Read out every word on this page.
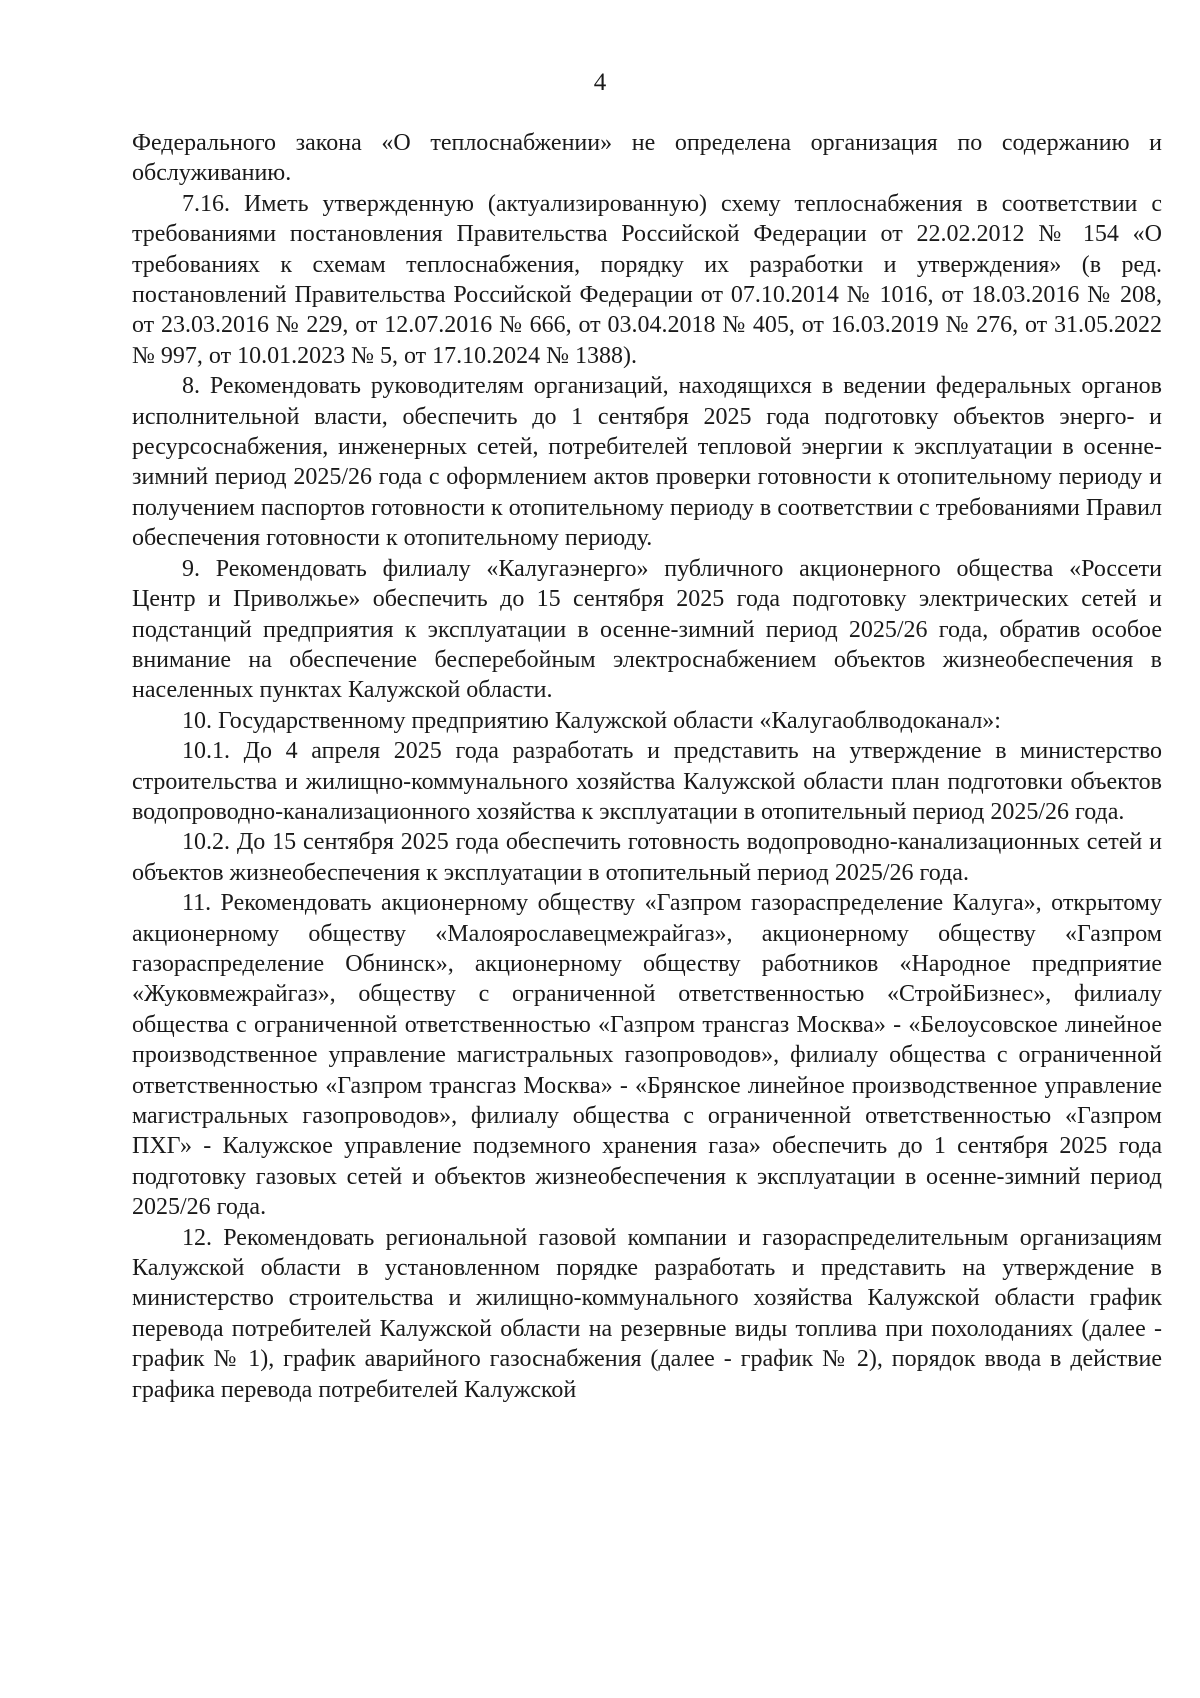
4

Федерального закона «О теплоснабжении» не определена организация по содержанию и обслуживанию.

7.16. Иметь утвержденную (актуализированную) схему теплоснабжения в соответствии с требованиями постановления Правительства Российской Федерации от 22.02.2012 № 154 «О требованиях к схемам теплоснабжения, порядку их разработки и утверждения» (в ред. постановлений Правительства Российской Федерации от 07.10.2014 № 1016, от 18.03.2016 № 208, от 23.03.2016 № 229, от 12.07.2016 № 666, от 03.04.2018 № 405, от 16.03.2019 № 276, от 31.05.2022 № 997, от 10.01.2023 № 5, от 17.10.2024 № 1388).

8. Рекомендовать руководителям организаций, находящихся в ведении федеральных органов исполнительной власти, обеспечить до 1 сентября 2025 года подготовку объектов энерго- и ресурсоснабжения, инженерных сетей, потребителей тепловой энергии к эксплуатации в осенне-зимний период 2025/26 года с оформлением актов проверки готовности к отопительному периоду и получением паспортов готовности к отопительному периоду в соответствии с требованиями Правил обеспечения готовности к отопительному периоду.

9. Рекомендовать филиалу «Калугаэнерго» публичного акционерного общества «Россети Центр и Приволжье» обеспечить до 15 сентября 2025 года подготовку электрических сетей и подстанций предприятия к эксплуатации в осенне-зимний период 2025/26 года, обратив особое внимание на обеспечение бесперебойным электроснабжением объектов жизнеобеспечения в населенных пунктах Калужской области.

10. Государственному предприятию Калужской области «Калугаоблводоканал»:

10.1. До 4 апреля 2025 года разработать и представить на утверждение в министерство строительства и жилищно-коммунального хозяйства Калужской области план подготовки объектов водопроводно-канализационного хозяйства к эксплуатации в отопительный период 2025/26 года.

10.2. До 15 сентября 2025 года обеспечить готовность водопроводно-канализационных сетей и объектов жизнеобеспечения к эксплуатации в отопительный период 2025/26 года.

11. Рекомендовать акционерному обществу «Газпром газораспределение Калуга», открытому акционерному обществу «Малоярославецмежрайгаз», акционерному обществу «Газпром газораспределение Обнинск», акционерному обществу работников «Народное предприятие «Жуковмежрайгаз», обществу с ограниченной ответственностью «СтройБизнес», филиалу общества с ограниченной ответственностью «Газпром трансгаз Москва» - «Белоусовское линейное производственное управление магистральных газопроводов», филиалу общества с ограниченной ответственностью «Газпром трансгаз Москва» - «Брянское линейное производственное управление магистральных газопроводов», филиалу общества с ограниченной ответственностью «Газпром ПХГ» - Калужское управление подземного хранения газа» обеспечить до 1 сентября 2025 года подготовку газовых сетей и объектов жизнеобеспечения к эксплуатации в осенне-зимний период 2025/26 года.

12. Рекомендовать региональной газовой компании и газораспределительным организациям Калужской области в установленном порядке разработать и представить на утверждение в министерство строительства и жилищно-коммунального хозяйства Калужской области график перевода потребителей Калужской области на резервные виды топлива при похолоданиях (далее - график № 1), график аварийного газоснабжения (далее - график № 2), порядок ввода в действие графика перевода потребителей Калужской
